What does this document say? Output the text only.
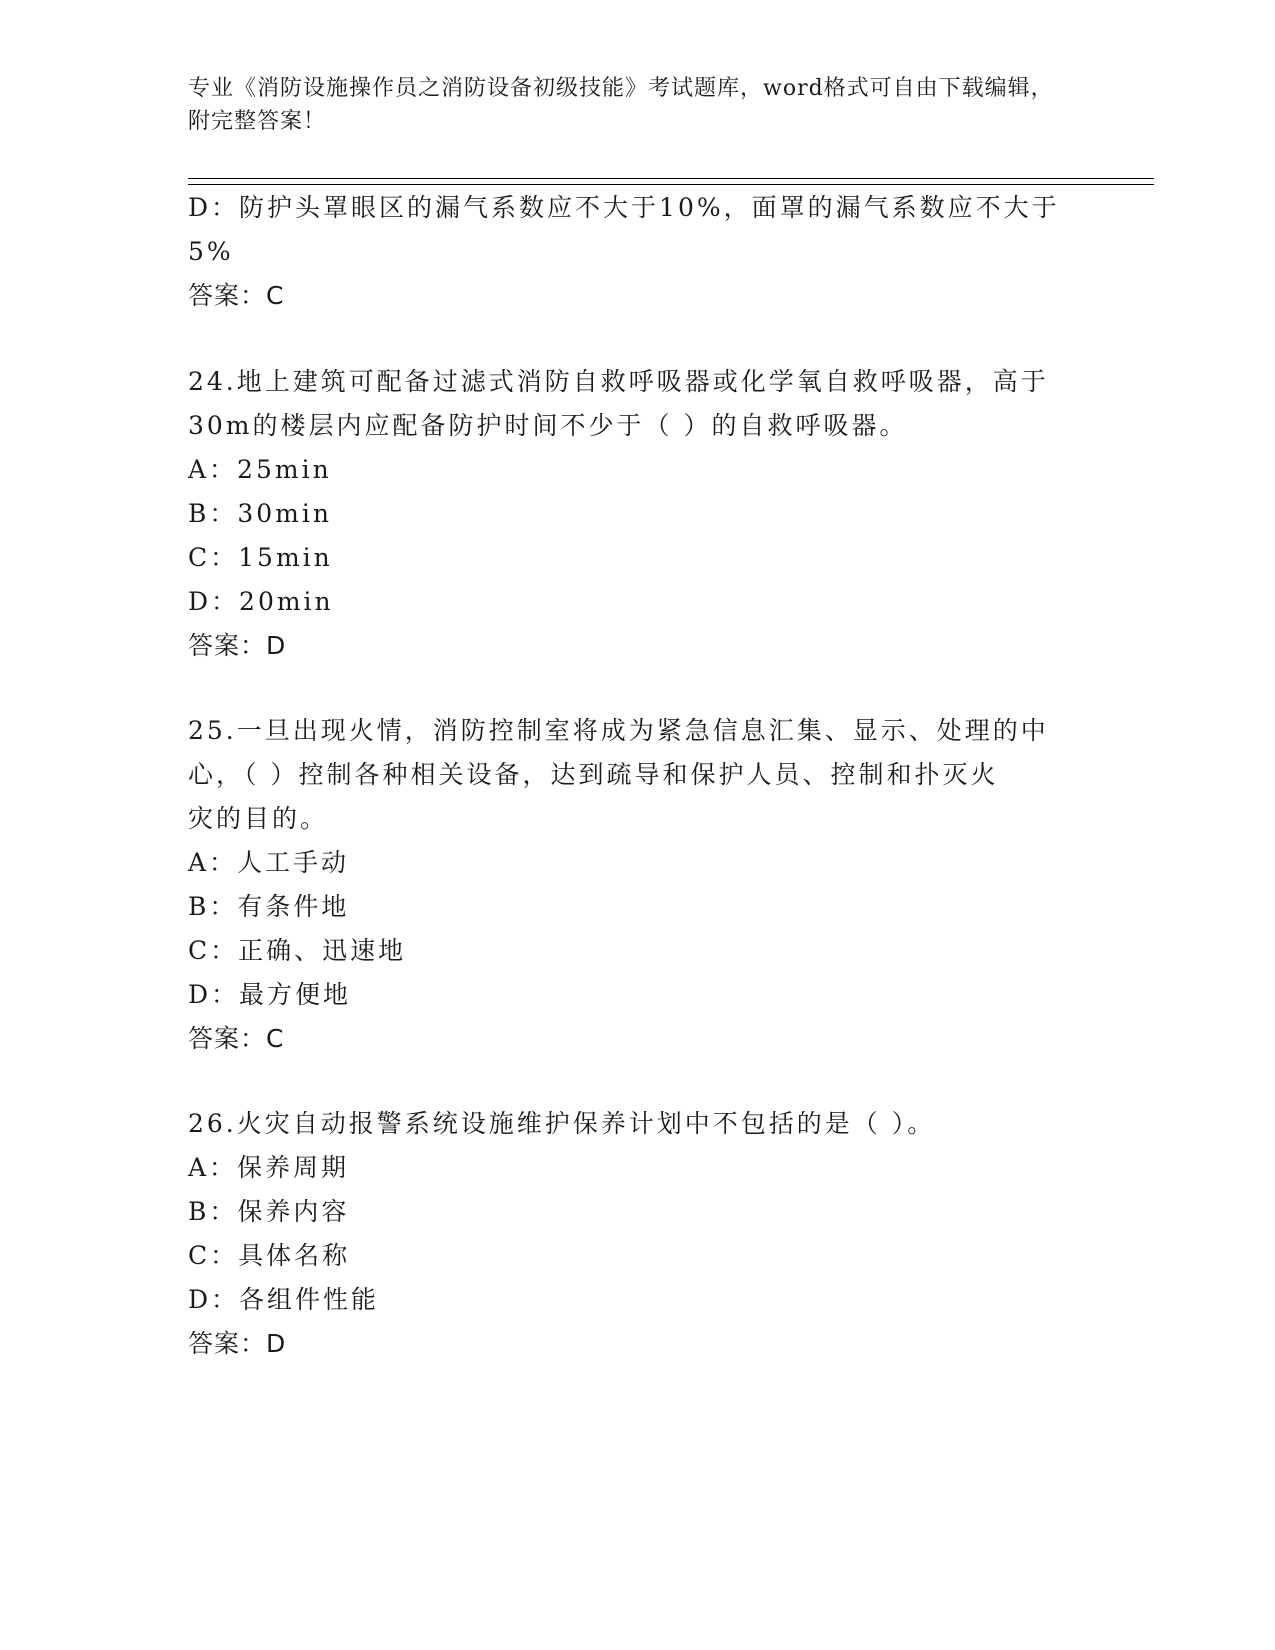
专业《消防设施操作员之消防设备初级技能》考试题库，word格式可自由下载编辑，附完整答案！
D：防护头罩眼区的漏气系数应不大于10%，面罩的漏气系数应不大于
5%
答案：C
24.地上建筑可配备过滤式消防自救呼吸器或化学氧自救呼吸器，高于
30m的楼层内应配备防护时间不少于（ ）的自救呼吸器。
A：25min
B：30min
C：15min
D：20min
答案：D
25.一旦出现火情，消防控制室将成为紧急信息汇集、显示、处理的中
心，（ ）控制各种相关设备，达到疏导和保护人员、控制和扑灭火
灾的目的。
A：人工手动
B：有条件地
C：正确、迅速地
D：最方便地
答案：C
26.火灾自动报警系统设施维护保养计划中不包括的是（ ）。
A：保养周期
B：保养内容
C：具体名称
D：各组件性能
答案：D
